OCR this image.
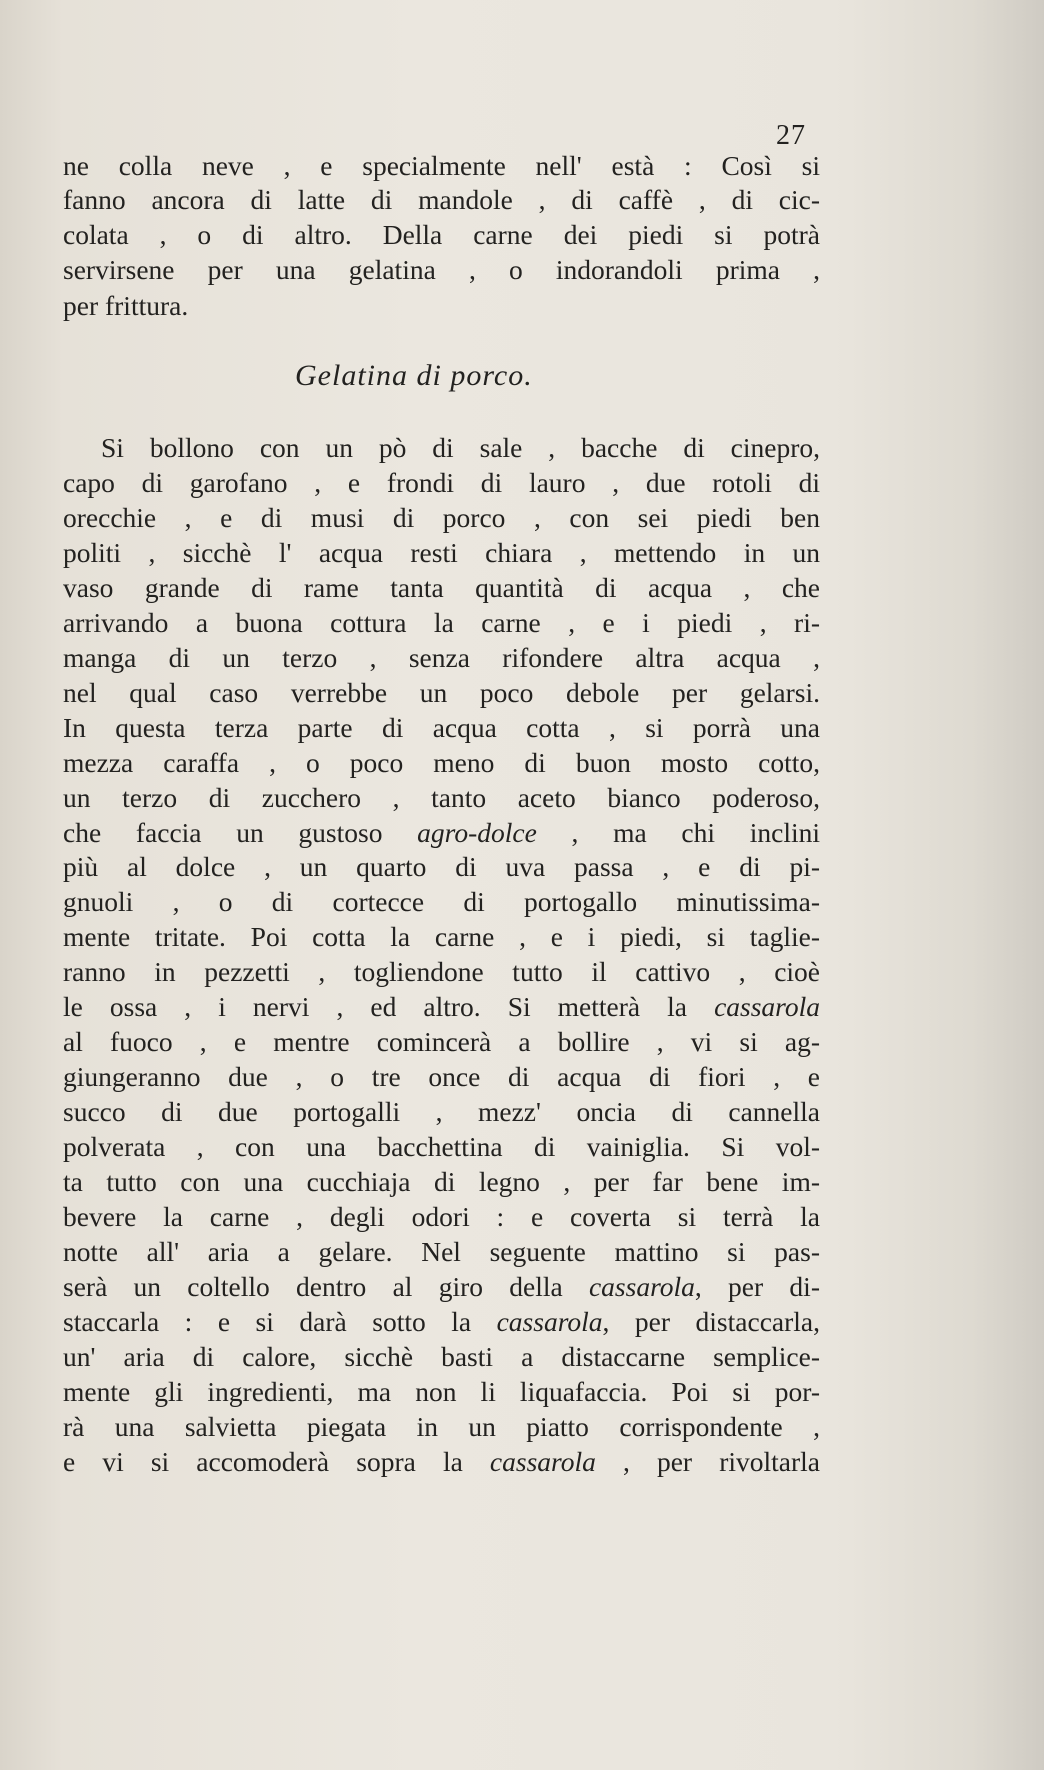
27
ne colla neve , e specialmente nell' està : Così si
fanno ancora di latte di mandole , di caffè , di cic-
colata , o di altro. Della carne dei piedi si potrà
servirsene per una gelatina , o indorandoli prima ,
per frittura.
Gelatina di porco.
Si bollono con un pò di sale , bacche di cinepro,
capo di garofano , e frondi di lauro , due rotoli di
orecchie , e di musi di porco , con sei piedi ben
politi , sicchè l' acqua resti chiara , mettendo in un
vaso grande di rame tanta quantità di acqua , che
arrivando a buona cottura la carne , e i piedi , ri-
manga di un terzo , senza rifondere altra acqua ,
nel qual caso verrebbe un poco debole per gelarsi.
In questa terza parte di acqua cotta , si porrà una
mezza caraffa , o poco meno di buon mosto cotto,
un terzo di zucchero , tanto aceto bianco poderoso,
che faccia un gustoso agro-dolce , ma chi inclini
più al dolce , un quarto di uva passa , e di pi-
gnuoli , o di cortecce di portogallo minutissima-
mente tritate. Poi cotta la carne , e i piedi, si taglie-
ranno in pezzetti , togliendone tutto il cattivo , cioè
le ossa , i nervi , ed altro. Si metterà la cassarola
al fuoco , e mentre comincerà a bollire , vi si ag-
giungeranno due , o tre once di acqua di fiori , e
succo di due portogalli , mezz' oncia di cannella
polverata , con una bacchettina di vainiglia. Si vol-
ta tutto con una cucchiaja di legno , per far bene im-
bevere la carne , degli odori : e coverta si terrà la
notte all' aria a gelare. Nel seguente mattino si pas-
serà un coltello dentro al giro della cassarola, per di-
staccarla : e si darà sotto la cassarola, per distaccarla,
un' aria di calore, sicchè basti a distaccarne semplice-
mente gli ingredienti, ma non li liquafaccia. Poi si por-
rà una salvietta piegata in un piatto corrispondente ,
e vi si accomoderà sopra la cassarola , per rivoltarla
